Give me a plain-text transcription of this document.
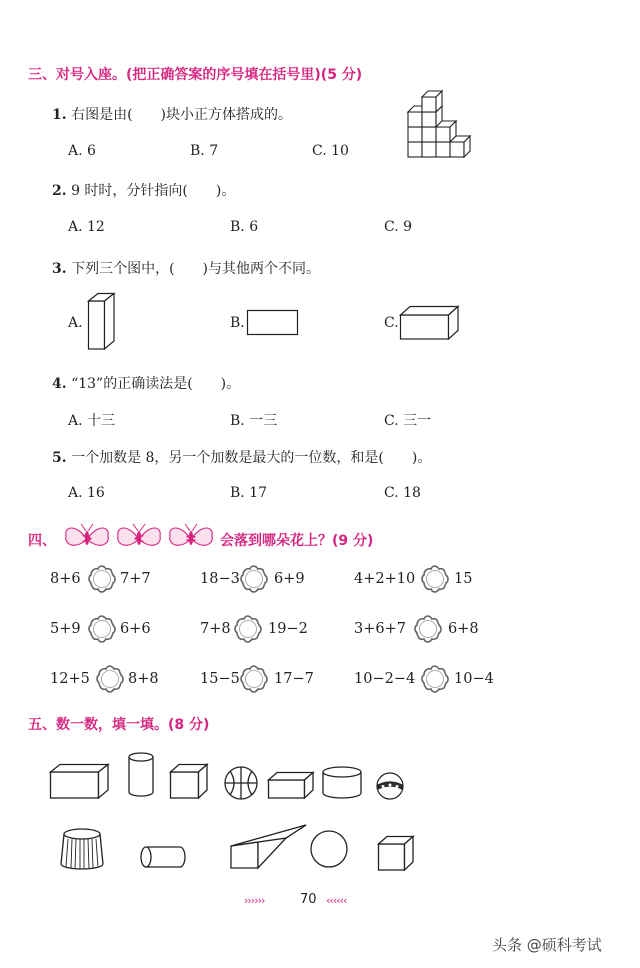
三、对号入座。(把正确答案的序号填在括号里)(5 分)
1. 右图是由(　　)块小正方体搭成的。
A. 6	B. 7	C. 10
2. 9 时时，分针指向(　　)。
A. 12	B. 6	C. 9
3. 下列三个图中，(　　)与其他两个不同。
A.	B.	C.
4. “13”的正确读法是(　　)。
A. 十三	B. 一三	C. 三一
5. 一个加数是 8，另一个加数是最大的一位数，和是(　　)。
A. 16	B. 17	C. 18
四、 >	<	= 会落到哪朵花上？(9 分)
8+6	7+7	18−3 6+9	4+2+10	15
5+9	6+6	7+8	19−2	3+6+7	6+8
12+5	8+8	15−5 17−7	10−2−4	10−4
五、数一数，填一填。(8 分)
››››››	70 ‹‹‹‹‹‹
头条 @硕科考试
